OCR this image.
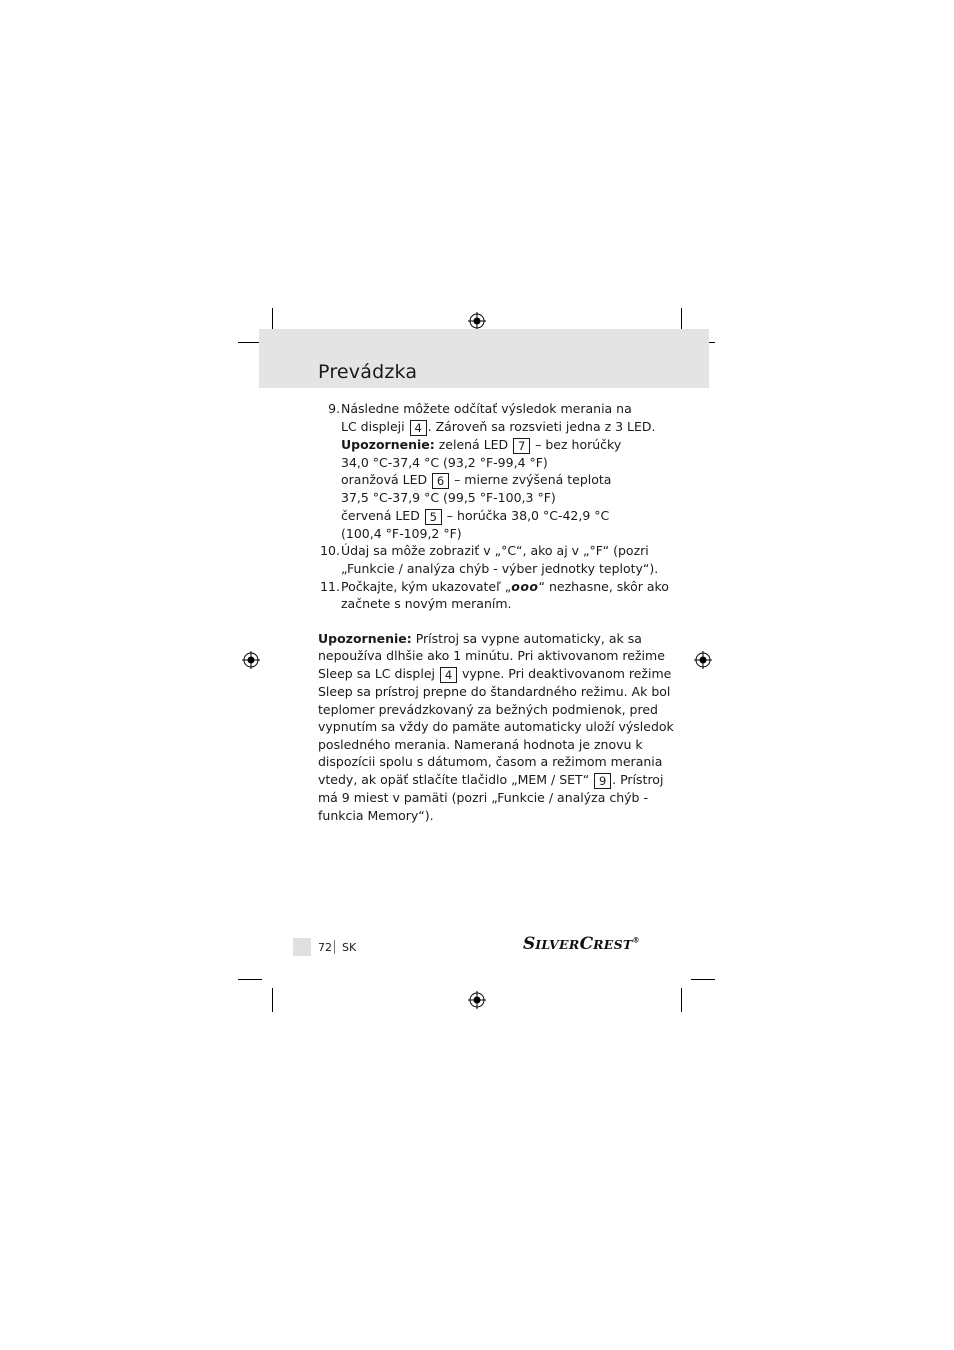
Prevádzka
9. Následne môžete odčítať výsledok merania na
LC displeji 4 . Zároveň sa rozsvieti jedna z 3 LED.
Upozornenie: zelená LED 7 – bez horúčky
34,0 °C-37,4 °C (93,2 °F-99,4 °F)
oranžová LED 6 – mierne zvýšená teplota
37,5 °C-37,9 °C (99,5 °F-100,3 °F)
červená LED 5 – horúčka 38,0 °C-42,9 °C
(100,4 °F-109,2 °F)
10. Údaj sa môže zobraziť v „°C“, ako aj v „°F“ (pozri
„Funkcie / analýza chýb - výber jednotky teploty“).
11. Počkajte, kým ukazovateľ „ooo“ nezhasne, skôr ako
začnete s novým meraním.
Upozornenie: Prístroj sa vypne automaticky, ak sa
nepoužíva dlhšie ako 1 minútu. Pri aktivovanom režime
Sleep sa LC displej 4 vypne. Pri deaktivovanom režime
Sleep sa prístroj prepne do štandardného režimu. Ak bol
teplomer prevádzkovaný za bežných podmienok, pred
vypnutím sa vždy do pamäte automaticky uloží výsledok
posledného merania. Nameraná hodnota je znovu k
dispozícii spolu s dátumom, časom a režimom merania
vtedy, ak opäť stlačíte tlačidlo „MEM / SET“ 9 . Prístroj
má 9 miest v pamäti (pozri „Funkcie / analýza chýb -
funkcia Memory“).
72 SK	SILVERCREST®
